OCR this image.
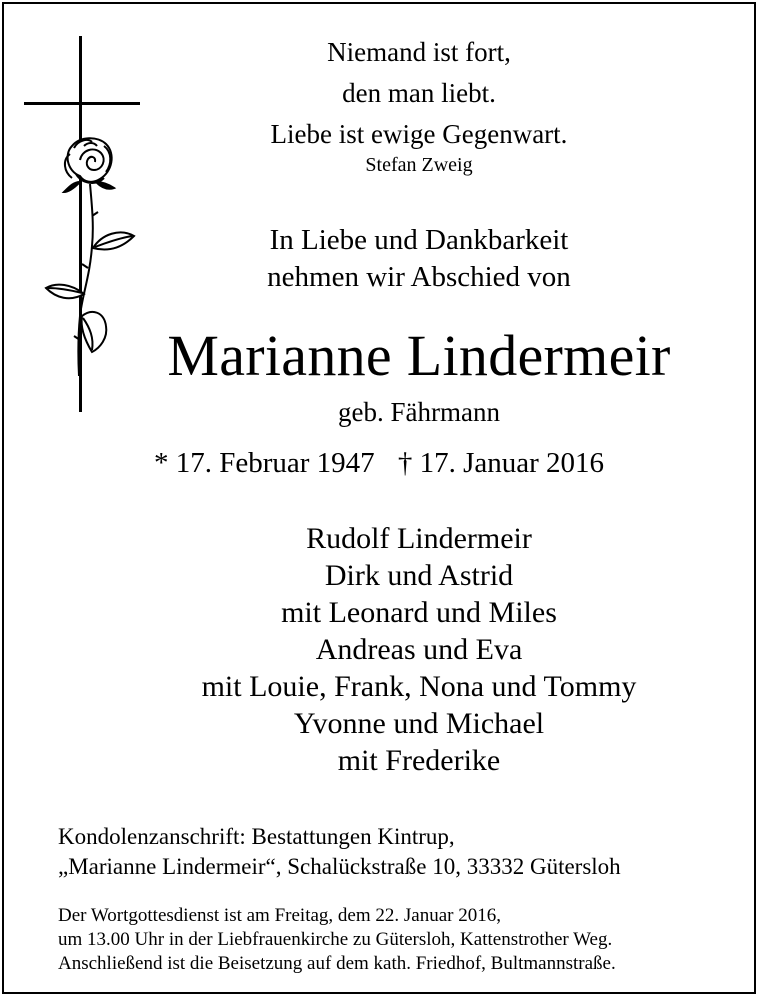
Niemand ist fort,
den man liebt.
Liebe ist ewige Gegenwart.
Stefan Zweig
In Liebe und Dankbarkeit
nehmen wir Abschied von
Marianne Lindermeir
geb. Fährmann
* 17. Februar 1947 † 17. Januar 2016
Rudolf Lindermeir
Dirk und Astrid
mit Leonard und Miles
Andreas und Eva
mit Louie, Frank, Nona und Tommy
Yvonne und Michael
mit Frederike
Kondolenzanschrift: Bestattungen Kintrup,
„Marianne Lindermeir“, Schalückstraße 10, 33332 Gütersloh
Der Wortgottesdienst ist am Freitag, dem 22. Januar 2016,
um 13.00 Uhr in der Liebfrauenkirche zu Gütersloh, Kattenstrother Weg.
Anschließend ist die Beisetzung auf dem kath. Friedhof, Bultmannstraße.
